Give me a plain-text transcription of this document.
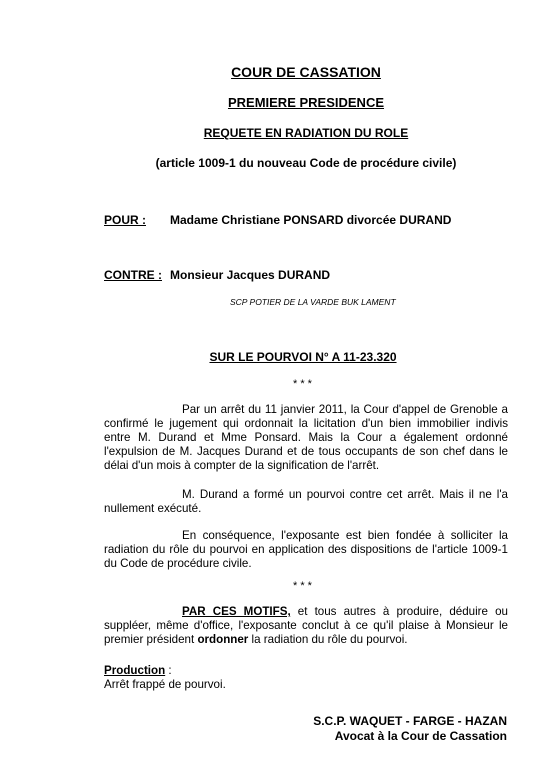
COUR DE CASSATION
PREMIERE PRESIDENCE
REQUETE EN RADIATION DU ROLE
(article 1009-1 du nouveau Code de procédure civile)
POUR : Madame Christiane PONSARD divorcée DURAND
CONTRE : Monsieur Jacques DURAND
SCP POTIER DE LA VARDE BUK LAMENT
SUR LE POURVOI N° A 11-23.320
* * *
Par un arrêt du 11 janvier 2011, la Cour d'appel de Grenoble a confirmé le jugement qui ordonnait la licitation d'un bien immobilier indivis entre M. Durand et Mme Ponsard. Mais la Cour a également ordonné l'expulsion de M. Jacques Durand et de tous occupants de son chef dans le délai d'un mois à compter de la signification de l'arrêt.
M. Durand a formé un pourvoi contre cet arrêt. Mais il ne l'a nullement exécuté.
En conséquence, l'exposante est bien fondée à solliciter la radiation du rôle du pourvoi en application des dispositions de l'article 1009-1 du Code de procédure civile.
* * *
PAR CES MOTIFS, et tous autres à produire, déduire ou suppléer, même d'office, l'exposante conclut à ce qu'il plaise à Monsieur le premier président ordonner la radiation du rôle du pourvoi.
Production :
Arrêt frappé de pourvoi.
S.C.P. WAQUET - FARGE - HAZAN
Avocat à la Cour de Cassation
